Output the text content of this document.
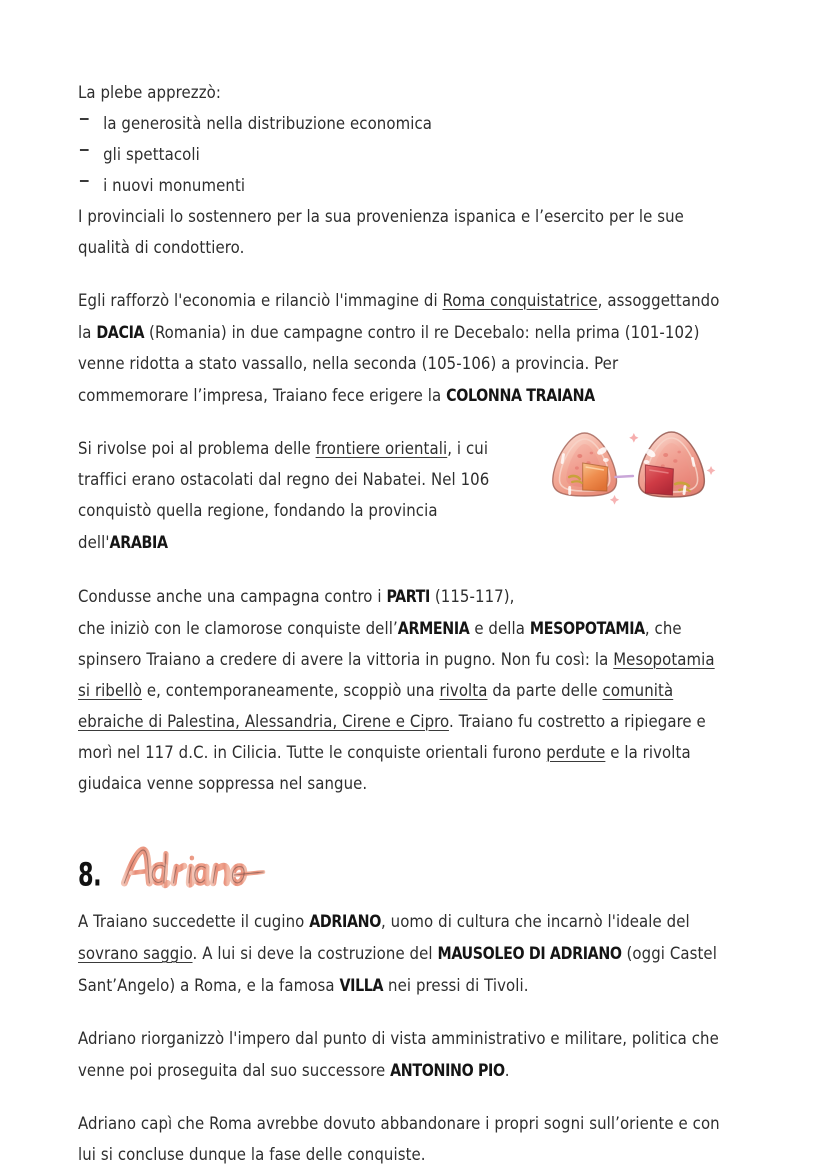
La plebe apprezzò:

la generosità nella distribuzione economica
gli spettacoli
i nuovi monumenti

I provinciali lo sostennero per la sua provenienza ispanica e l’esercito per le sue qualità di condottiero.

Egli rafforzò l'economia e rilanciò l'immagine di Roma conquistatrice, assoggettando la DACIA (Romania) in due campagne contro il re Decebalo: nella prima (101-102) venne ridotta a stato vassallo, nella seconda (105-106) a provincia. Per commemorare l’impresa, Traiano fece erigere la COLONNA TRAIANA

Si rivolse poi al problema delle frontiere orientali, i cui traffici erano ostacolati dal regno dei Nabatei. Nel 106 conquistò quella regione, fondando la provincia dell'ARABIA

Condusse anche una campagna contro i PARTI (115-117),

che iniziò con le clamorose conquiste dell’ARMENIA e della MESOPOTAMIA, che spinsero Traiano a credere di avere la vittoria in pugno. Non fu così: la Mesopotamia si ribellò e, contemporaneamente, scoppiò una rivolta da parte delle comunità ebraiche di Palestina, Alessandria, Cirene e Cipro. Traiano fu costretto a ripiegare e morì nel 117 d.C. in Cilicia. Tutte le conquiste orientali furono perdute e la rivolta giudaica venne soppressa nel sangue.

8.

A Traiano succedette il cugino ADRIANO, uomo di cultura che incarnò l'ideale del sovrano saggio. A lui si deve la costruzione del MAUSOLEO DI ADRIANO (oggi Castel Sant’Angelo) a Roma, e la famosa VILLA nei pressi di Tivoli.

Adriano riorganizzò l'impero dal punto di vista amministrativo e militare, politica che venne poi proseguita dal suo successore ANTONINO PIO.

Adriano capì che Roma avrebbe dovuto abbandonare i propri sogni sull’oriente e con lui si concluse dunque la fase delle conquiste.
